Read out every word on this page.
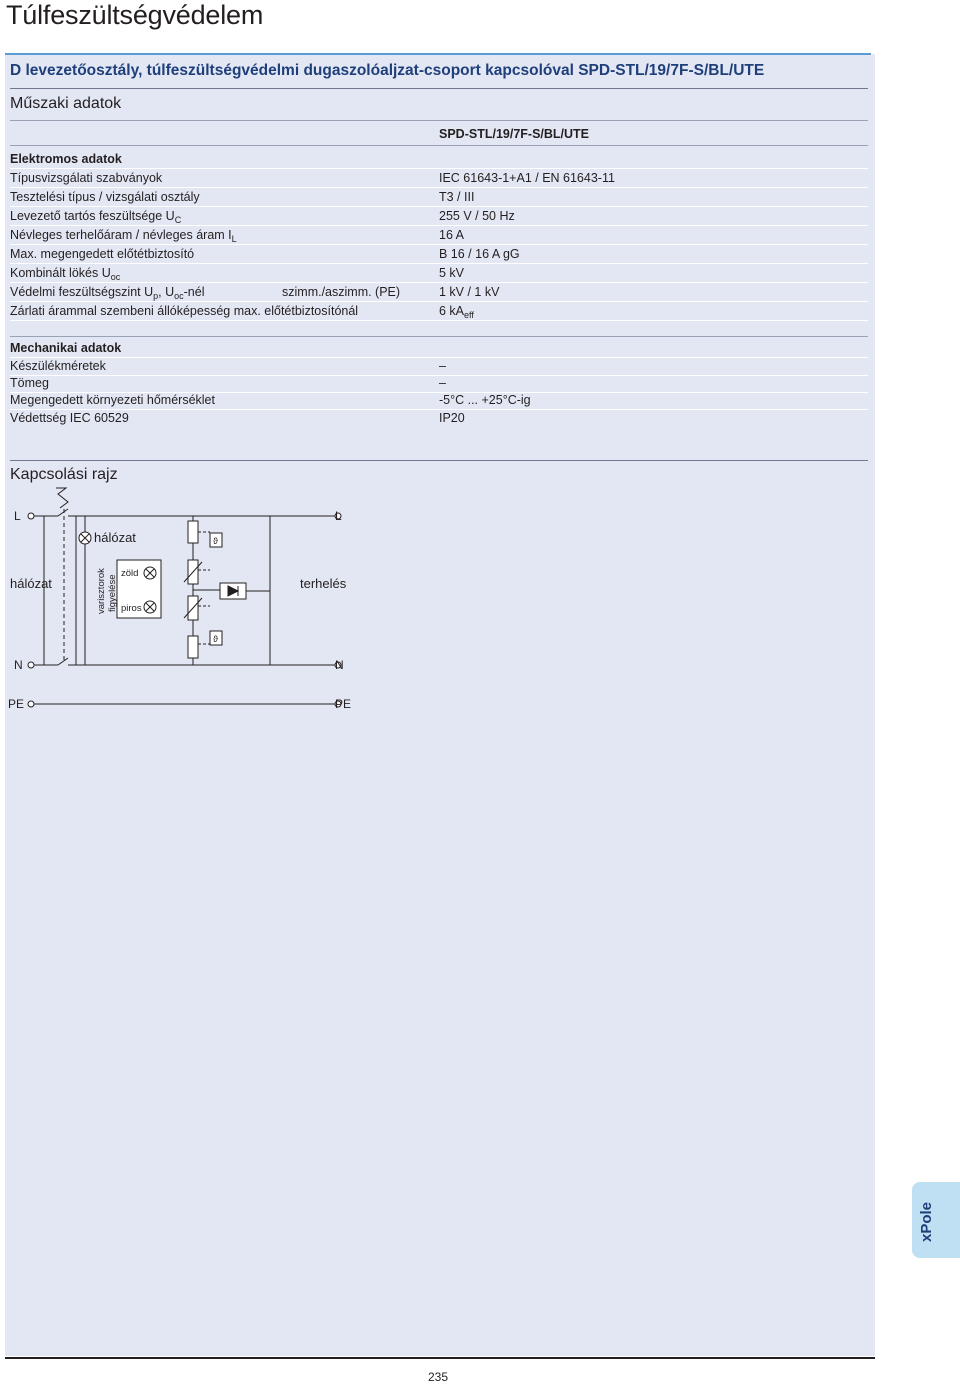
Túlfeszültségvédelem
D levezetőosztály, túlfeszültségvédelmi dugaszolóaljzat-csoport kapcsolóval SPD-STL/19/7F-S/BL/UTE
Műszaki adatok
SPD-STL/19/7F-S/BL/UTE
Elektromos adatok
Típusvizsgálati szabványok	IEC 61643-1+A1 / EN 61643-11
Tesztelési típus / vizsgálati osztály	T3 / III
Levezető tartós feszültsége $U_C$	255 V / 50 Hz
Névleges terhelőáram / névleges áram $I_L$	16 A
Max. megengedett előtétbiztosító	B 16 / 16 A gG
Kombinált lökés $U_{oc}$	5 kV
Védelmi feszültségszint $U_p$, $U_{oc}$-nél	szimm./aszimm. (PE)	1 kV / 1 kV
Zárlati árammal szembeni állóképesség max. előtétbiztosítónál	6 $kA_{eff}$
Mechanikai adatok
Készülékméretek	–
Tömeg	–
Megengedett környezeti hőmérséklet	-5°C ... +25°C-ig
Védettség IEC 60529	IP20
Kapcsolási rajz
L	L
N	N
PE	PE
hálózat
hálózat	terhelés
zöld
piros
varisztorok figyelése
ϑ
ϑ
xPole
235
